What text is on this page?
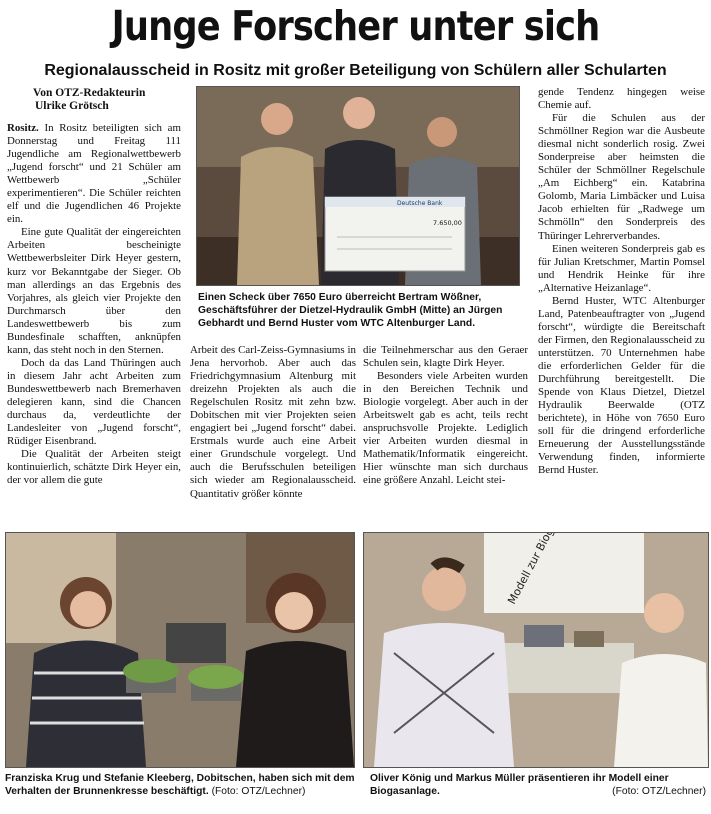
Junge Forscher unter sich
Regionalausscheid in Rositz mit großer Beteiligung von Schülern aller Schularten
Von OTZ-Redakteurin
Ulrike Grötsch

Rositz. In Rositz beteiligten sich am Donnerstag und Freitag 111 Jugendliche am Regionalwettbewerb „Jugend forscht“ und 21 Schüler am Wettbewerb „Schüler experimentieren“. Die Schüler reichten elf und die Jugendlichen 46 Projekte ein.

Eine gute Qualität der eingereichten Arbeiten bescheinigte Wettbewerbsleiter Dirk Heyer gestern, kurz vor Bekanntgabe der Sieger. Ob man allerdings an das Ergebnis des Vorjahres, als gleich vier Projekte den Durchmarsch über den Landeswettbewerb bis zum Bundesfinale schafften, anknüpfen kann, das steht noch in den Sternen.

Doch da das Land Thüringen auch in diesem Jahr acht Arbeiten zum Bundeswettbewerb nach Bremerhaven delegieren kann, sind die Chancen durchaus da, verdeutlichte der Landesleiter von „Jugend forscht“, Rüdiger Eisenbrand.

Die Qualität der Arbeiten steigt kontinuierlich, schätzte Dirk Heyer ein, der vor allem die gute

Deutsche Bank
7.650,00
Einen Scheck über 7650 Euro überreicht Bertram Wößner, Geschäftsführer der Dietzel-Hydraulik GmbH (Mitte) an Jürgen Gebhardt und Bernd Huster vom WTC Altenburger Land.

Arbeit des Carl-Zeiss-Gymnasiums in Jena hervorhob. Aber auch das Friedrichgymnasium Altenburg mit dreizehn Projekten als auch die Regelschulen Rositz mit zehn bzw. Dobitschen mit vier Projekten seien engagiert bei „Jugend forscht“ dabei. Erstmals wurde auch eine Arbeit einer Grundschule vorgelegt. Und auch die Berufsschulen beteiligen sich wieder am Regionalausscheid. Quantitativ größer könnte

die Teilnehmerschar aus den Geraer Schulen sein, klagte Dirk Heyer.

Besonders viele Arbeiten wurden in den Bereichen Technik und Biologie vorgelegt. Aber auch in der Arbeitswelt gab es acht, teils recht anspruchsvolle Projekte. Lediglich vier Arbeiten wurden diesmal in Mathematik/Informatik eingereicht. Hier wünschte man sich durchaus eine größere Anzahl. Leicht stei-

gende Tendenz hingegen weise Chemie auf.

Für die Schulen aus der Schmöllner Region war die Ausbeute diesmal nicht sonderlich rosig. Zwei Sonderpreise aber heimsten die Schüler der Schmöllner Regelschule „Am Eichberg“ ein. Katabrina Golomb, Maria Limbäcker und Luisa Jacob erhielten für „Radwege um Schmölln“ den Sonderpreis des Thüringer Lehrerverbandes.

Einen weiteren Sonderpreis gab es für Julian Kretschmer, Martin Pomsel und Hendrik Heinke für ihre „Alternative Heizanlage“.

Bernd Huster, WTC Altenburger Land, Patenbeauftragter von „Jugend forscht“, würdigte die Bereitschaft der Firmen, den Regionalausscheid zu unterstützen. 70 Unternehmen habe die erforderlichen Gelder für die Durchführung bereitgestellt. Die Spende von Klaus Dietzel, Dietzel Hydraulik Beerwalde (OTZ berichtete), in Höhe von 7650 Euro soll für die dringend erforderliche Erneuerung der Ausstellungsstände Verwendung finden, informierte Bernd Huster.

Franziska Krug und Stefanie Kleeberg, Dobitschen, haben sich mit dem Verhalten der Brunnenkresse beschäftigt. (Foto: OTZ/Lechner)
Oliver König und Markus Müller präsentieren ihr Modell einer Biogasanlage.	(Foto: OTZ/Lechner)
